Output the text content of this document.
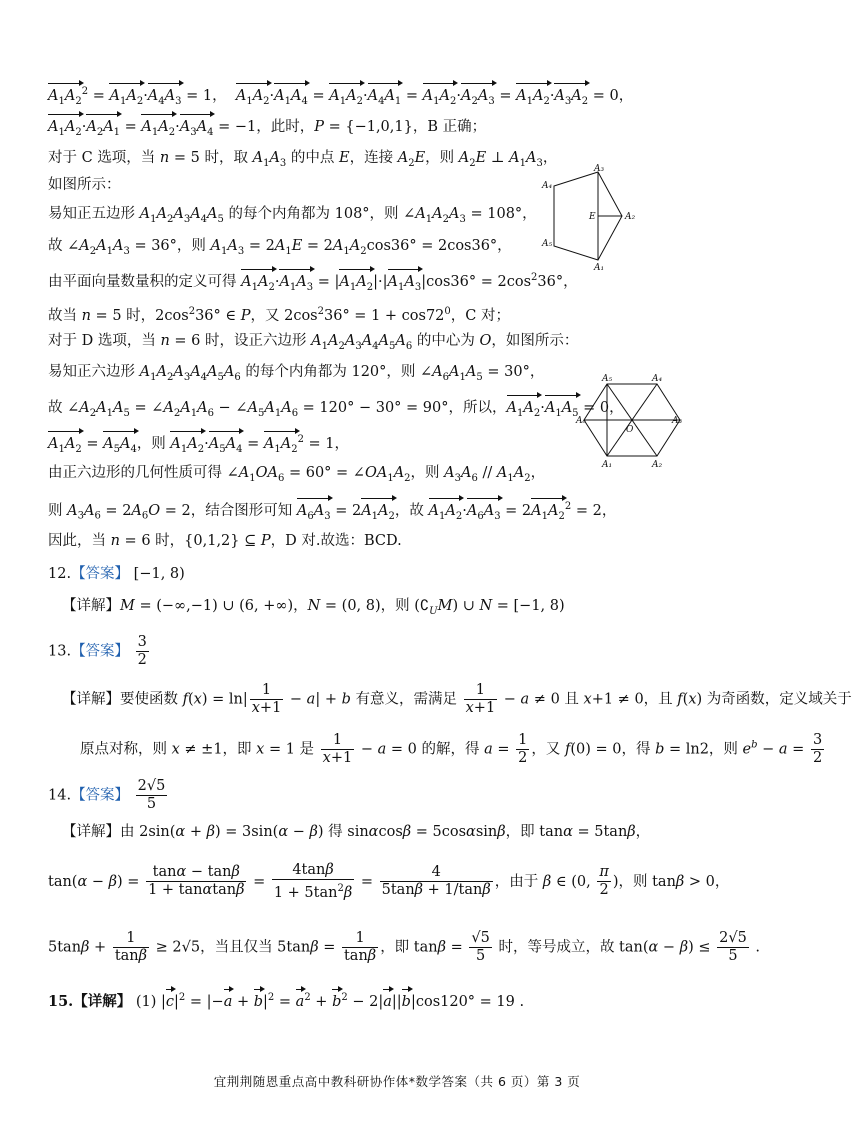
$A_1A_2^2 = A_1A_2\cdot A_4A_3 = 1$，  $A_1A_2\cdot A_1A_4 = A_1A_2\cdot A_4A_1 = A_1A_2\cdot A_2A_3 = A_1A_2\cdot A_3A_2 = 0$，
$A_1A_2\cdot A_2A_1 = A_1A_2\cdot A_3A_4 = -1$，此时，P = {−1,0,1}，B 正确；
对于 C 选项，当 n = 5 时，取 $A_1A_3$ 的中点 E，连接 $A_2E$，则 $A_2E$ ⊥ $A_1A_3$，
如图所示：
易知正五边形 $A_1A_2A_3A_4A_5$ 的每个内角都为 108°，则 $\angle A_1A_2A_3 = 108^\circ$，
故 $\angle A_2A_1A_3 = 36^\circ$，则 $A_1A_3 = 2A_1E = 2A_1A_2\cos 36^\circ = 2\cos 36^\circ$，
由平面向量数量积的定义可得 $A_1A_2\cdot A_1A_3 = |A_1A_2|\cdot|A_1A_3|\cos 36^\circ = 2\cos^236^\circ$，
故当 n = 5 时，$2\cos^236^\circ$ ∈ P，又 $2\cos^236^\circ = 1 + \cos 72^0$，C 对；
对于 D 选项，当 n = 6 时，设正六边形 $A_1A_2A_3A_4A_5A_6$ 的中心为 O，如图所示：
易知正六边形 $A_1A_2A_3A_4A_5A_6$ 的每个内角都为 120°，则 $\angle A_6A_1A_5 = 30^\circ$，
故 $\angle A_2A_1A_5$ = $\angle A_2A_1A_6$ − $\angle A_5A_1A_6 = 120^\circ - 30^\circ = 90^\circ$，所以，$A_1A_2\cdot A_1A_5 = 0$，
$A_1A_2 = A_5A_4$，则 $A_1A_2\cdot A_5A_4 = A_1A_2^2 = 1$，
由正六边形的几何性质可得 $\angle A_1OA_6 = 60^\circ$ = $\angle OA_1A_2$，则 $A_3A_6 // A_1A_2$，
则 $A_3A_6 = 2A_6O = 2$，结合图形可知 $A_6A_3 = 2A_1A_2$，故 $A_1A_2\cdot A_6A_3 = 2A_1A_2^2 = 2$，
因此，当 n = 6 时，{0,1,2} ⊆ P，D 对.故选：BCD.
12.【答案】 [−1, 8)
【详解】M = (−∞,−1) ∪ (6, +∞)，N = (0, 8)，则 $(∁_UM)$ ∪ N = [−1, 8)
13.【答案】 $\frac{3}{2}$
【详解】要使函数 $f(x) = \ln| \frac{1}{x+1} - a| + b$ 有意义，需满足 $\frac{1}{x+1} - a \ne 0$ 且 x+1 ≠ 0，且 f(x) 为奇函数，定义域关于
原点对称，则 x ≠ ±1，即 x = 1 是 $\frac{1}{x+1} - a = 0$ 的解，得 $a = \frac{1}{2}$ ，又 f(0) = 0，得 b = ln2，则 $e^b - a = \frac{3}{2}$
14.【答案】 $\frac{2√5}{5}$
【详解】由 2sin(α + β) = 3sin(α − β) 得 sinαcosβ = 5cosαsinβ，即 tanα = 5tanβ，
$\tan(\alpha - \beta) = \frac{\tan\alpha - \tan\beta}{1 + \tan\alpha\tan\beta} = \frac{4\tan\beta}{1 + 5\tan^2\beta} = \frac{4}{5\tan\beta + 1/\tan\beta}$ ，由于 β ∈ (0, $\frac{\pi}{2}$ )，则 tanβ > 0，
$5\tan\beta + \frac{1}{\tan\beta} \ge 2√5$，当且仅当 $5\tan\beta = \frac{1}{\tan\beta}$ ，即 $\tan\beta = \frac{√5}{5}$ 时，等号成立，故 $\tan(\alpha - \beta) \le \frac{2√5}{5}$ .
15.【详解】 (1) $|c|^2 = |-a + b|^2 = a^2 + b^2 - 2|a||b|\cos 120^\circ = 19$ .
A₃
A₄
E	A₂
A₅
A₁
A₅	A₄
A₆
O
A₃
A₁	A₂
宜荆荆随恩重点高中教科研协作体*数学答案（共 6 页）第 3 页
